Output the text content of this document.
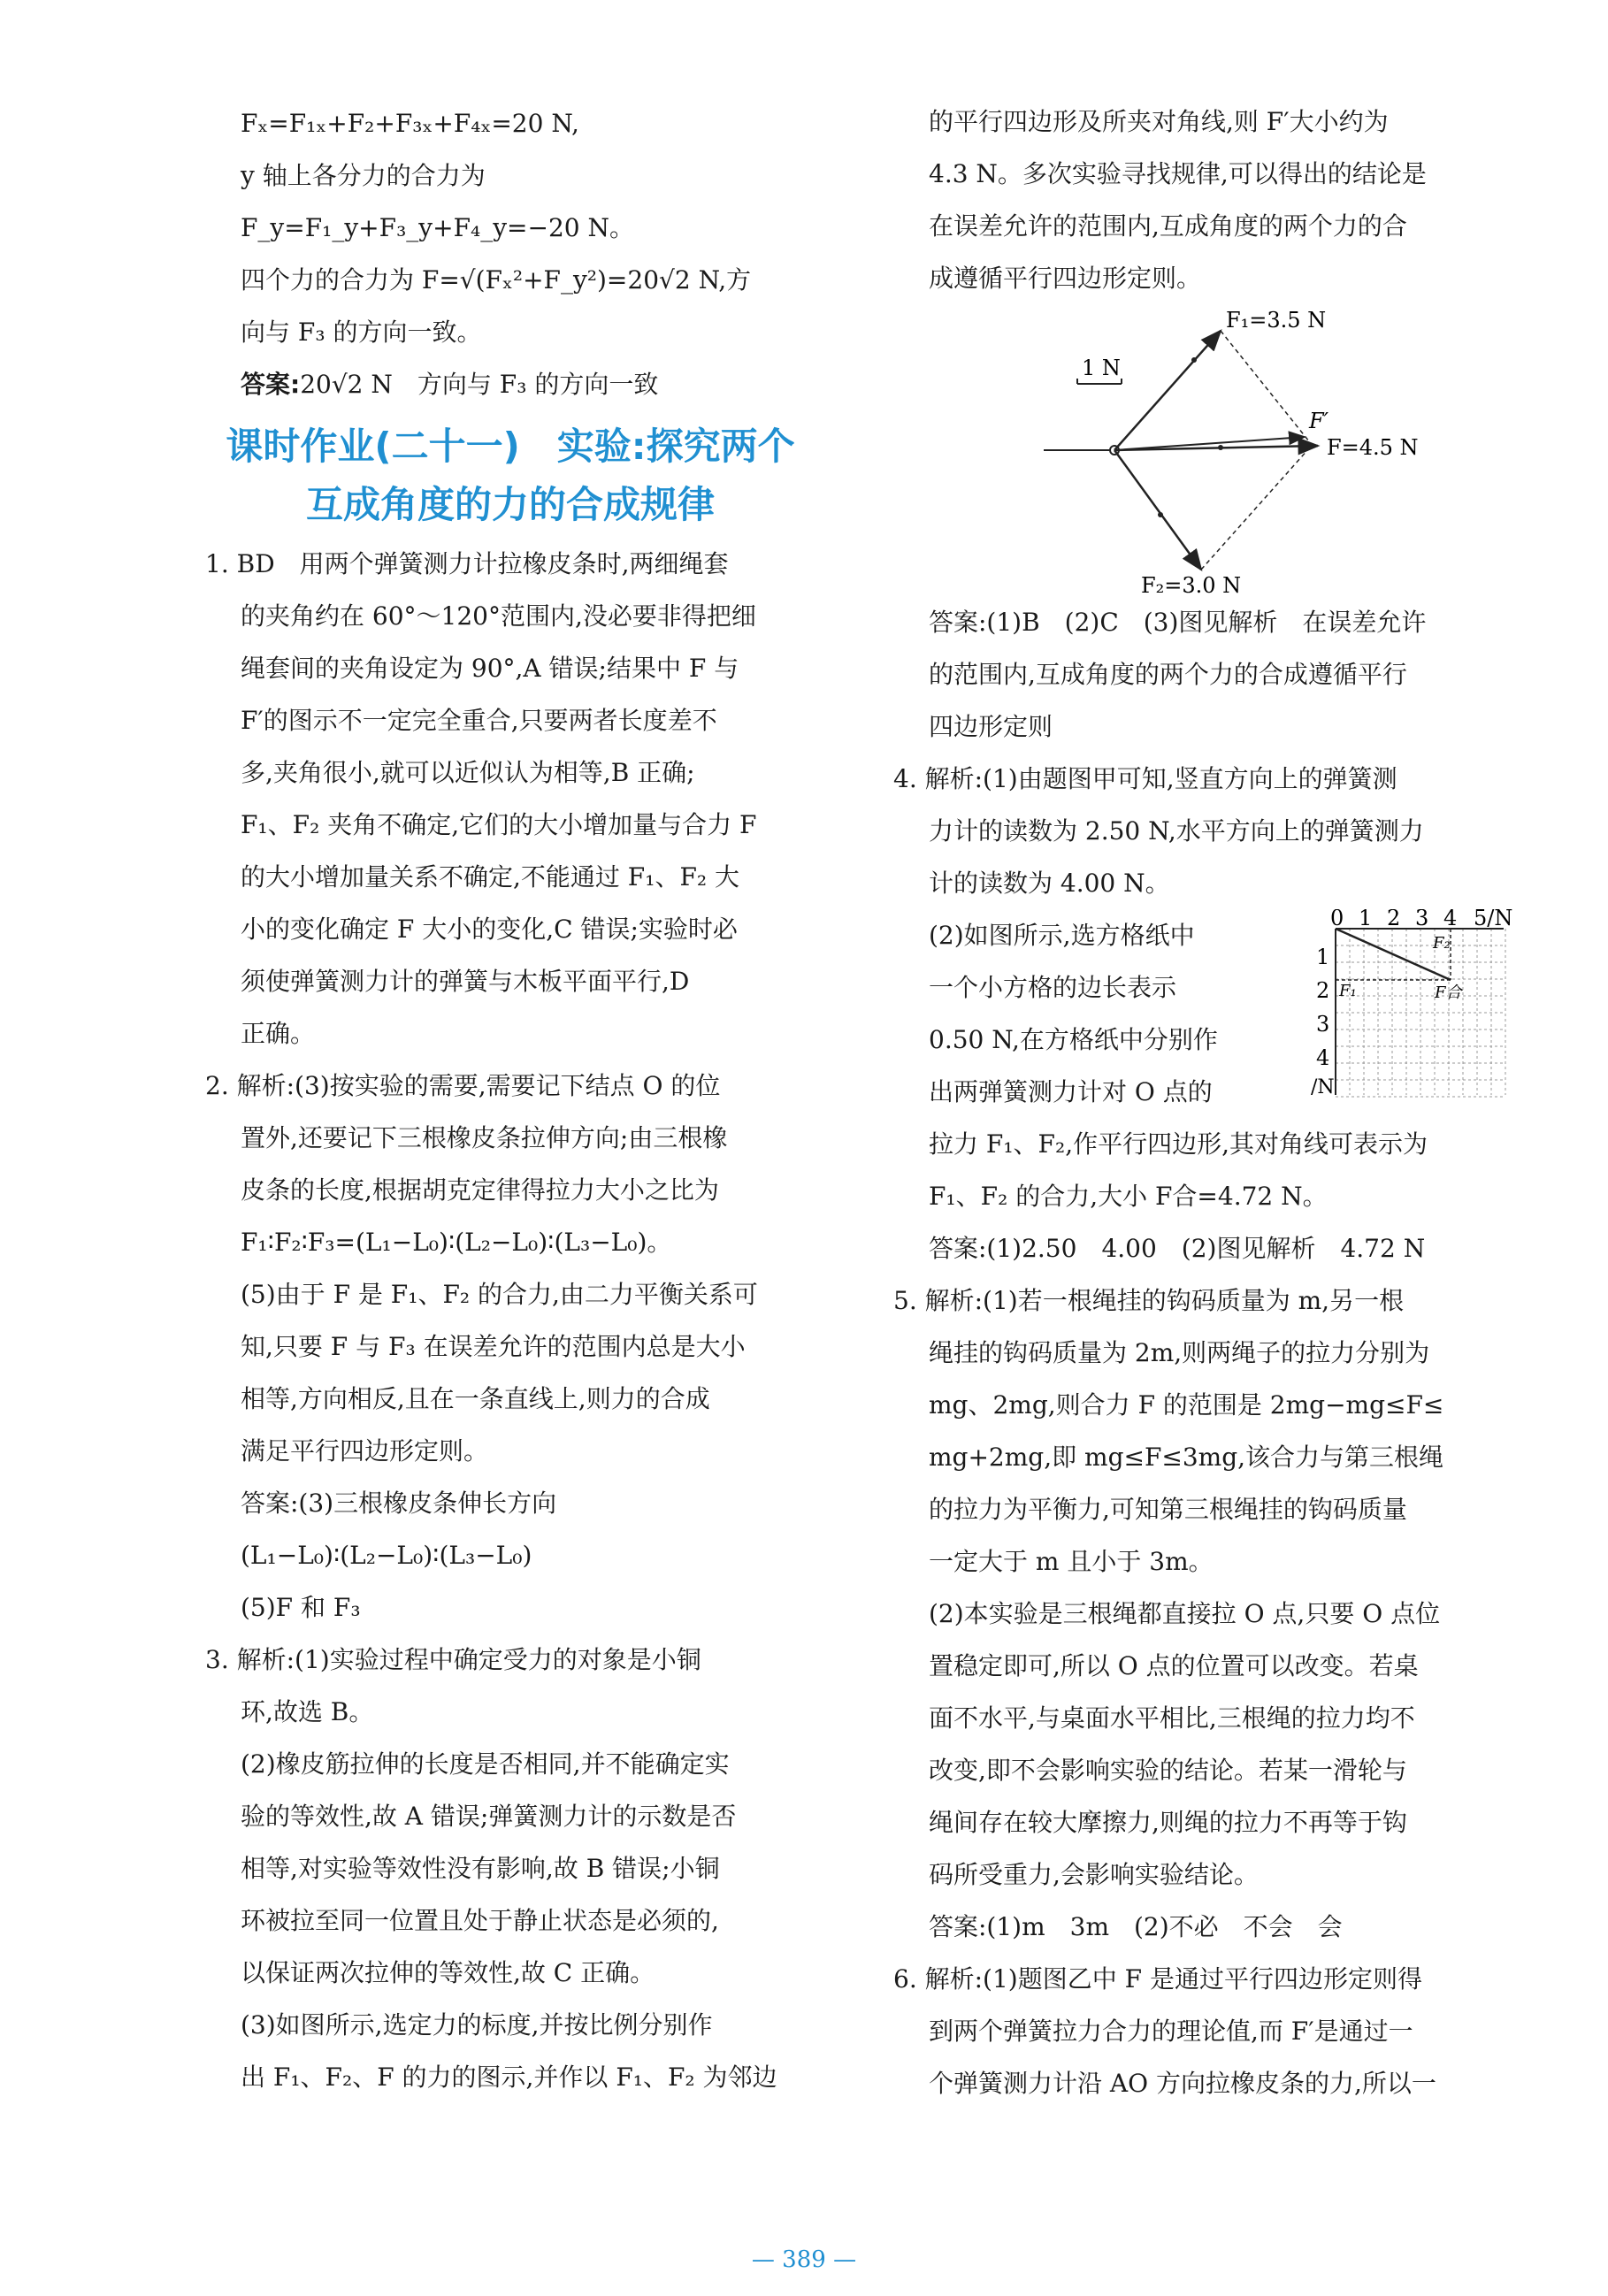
Fₓ=F₁ₓ+F₂+F₃ₓ+F₄ₓ=20 N,

y 轴上各分力的合力为

F_y=F₁_y+F₃_y+F₄_y=−20 N。

四个力的合力为 F=√(Fₓ²+F_y²)=20√2 N,方

向与 F₃ 的方向一致。

答案:20√2 N　方向与 F₃ 的方向一致

课时作业(二十一)　实验:探究两个
互成角度的力的合成规律

1. BD　用两个弹簧测力计拉橡皮条时,两细绳套

的夹角约在 60°～120°范围内,没必要非得把细

绳套间的夹角设定为 90°,A 错误;结果中 F 与

F′的图示不一定完全重合,只要两者长度差不

多,夹角很小,就可以近似认为相等,B 正确;

F₁、F₂ 夹角不确定,它们的大小增加量与合力 F

的大小增加量关系不确定,不能通过 F₁、F₂ 大

小的变化确定 F 大小的变化,C 错误;实验时必

须使弹簧测力计的弹簧与木板平面平行,D

正确。

2. 解析:(3)按实验的需要,需要记下结点 O 的位

置外,还要记下三根橡皮条拉伸方向;由三根橡

皮条的长度,根据胡克定律得拉力大小之比为

F₁∶F₂∶F₃=(L₁−L₀)∶(L₂−L₀)∶(L₃−L₀)。

(5)由于 F 是 F₁、F₂ 的合力,由二力平衡关系可

知,只要 F 与 F₃ 在误差允许的范围内总是大小

相等,方向相反,且在一条直线上,则力的合成

满足平行四边形定则。

答案:(3)三根橡皮条伸长方向

(L₁−L₀)∶(L₂−L₀)∶(L₃−L₀)

(5)F 和 F₃

3. 解析:(1)实验过程中确定受力的对象是小铜

环,故选 B。

(2)橡皮筋拉伸的长度是否相同,并不能确定实

验的等效性,故 A 错误;弹簧测力计的示数是否

相等,对实验等效性没有影响,故 B 错误;小铜

环被拉至同一位置且处于静止状态是必须的,

以保证两次拉伸的等效性,故 C 正确。

(3)如图所示,选定力的标度,并按比例分别作

出 F₁、F₂、F 的力的图示,并作以 F₁、F₂ 为邻边

的平行四边形及所夹对角线,则 F′大小约为

4.3 N。多次实验寻找规律,可以得出的结论是

在误差允许的范围内,互成角度的两个力的合

成遵循平行四边形定则。

1 N
F₁=3.5 N
F₂=3.0 N
F=4.5 N
F′

答案:(1)B　(2)C　(3)图见解析　在误差允许

的范围内,互成角度的两个力的合成遵循平行

四边形定则

4. 解析:(1)由题图甲可知,竖直方向上的弹簧测

力计的读数为 2.50 N,水平方向上的弹簧测力

计的读数为 4.00 N。

(2)如图所示,选方格纸中

一个小方格的边长表示

0.50 N,在方格纸中分别作

出两弹簧测力计对 O 点的

0 1 2 3 4 5/N
1
2
3
4
/N
F₁
F₂
F合

拉力 F₁、F₂,作平行四边形,其对角线可表示为

F₁、F₂ 的合力,大小 F合=4.72 N。

答案:(1)2.50　4.00　(2)图见解析　4.72 N

5. 解析:(1)若一根绳挂的钩码质量为 m,另一根

绳挂的钩码质量为 2m,则两绳子的拉力分别为

mg、2mg,则合力 F 的范围是 2mg−mg≤F≤

mg+2mg,即 mg≤F≤3mg,该合力与第三根绳

的拉力为平衡力,可知第三根绳挂的钩码质量

一定大于 m 且小于 3m。

(2)本实验是三根绳都直接拉 O 点,只要 O 点位

置稳定即可,所以 O 点的位置可以改变。若桌

面不水平,与桌面水平相比,三根绳的拉力均不

改变,即不会影响实验的结论。若某一滑轮与

绳间存在较大摩擦力,则绳的拉力不再等于钩

码所受重力,会影响实验结论。

答案:(1)m　3m　(2)不必　不会　会

6. 解析:(1)题图乙中 F 是通过平行四边形定则得

到两个弹簧拉力合力的理论值,而 F′是通过一

个弹簧测力计沿 AO 方向拉橡皮条的力,所以一

— 389 —
